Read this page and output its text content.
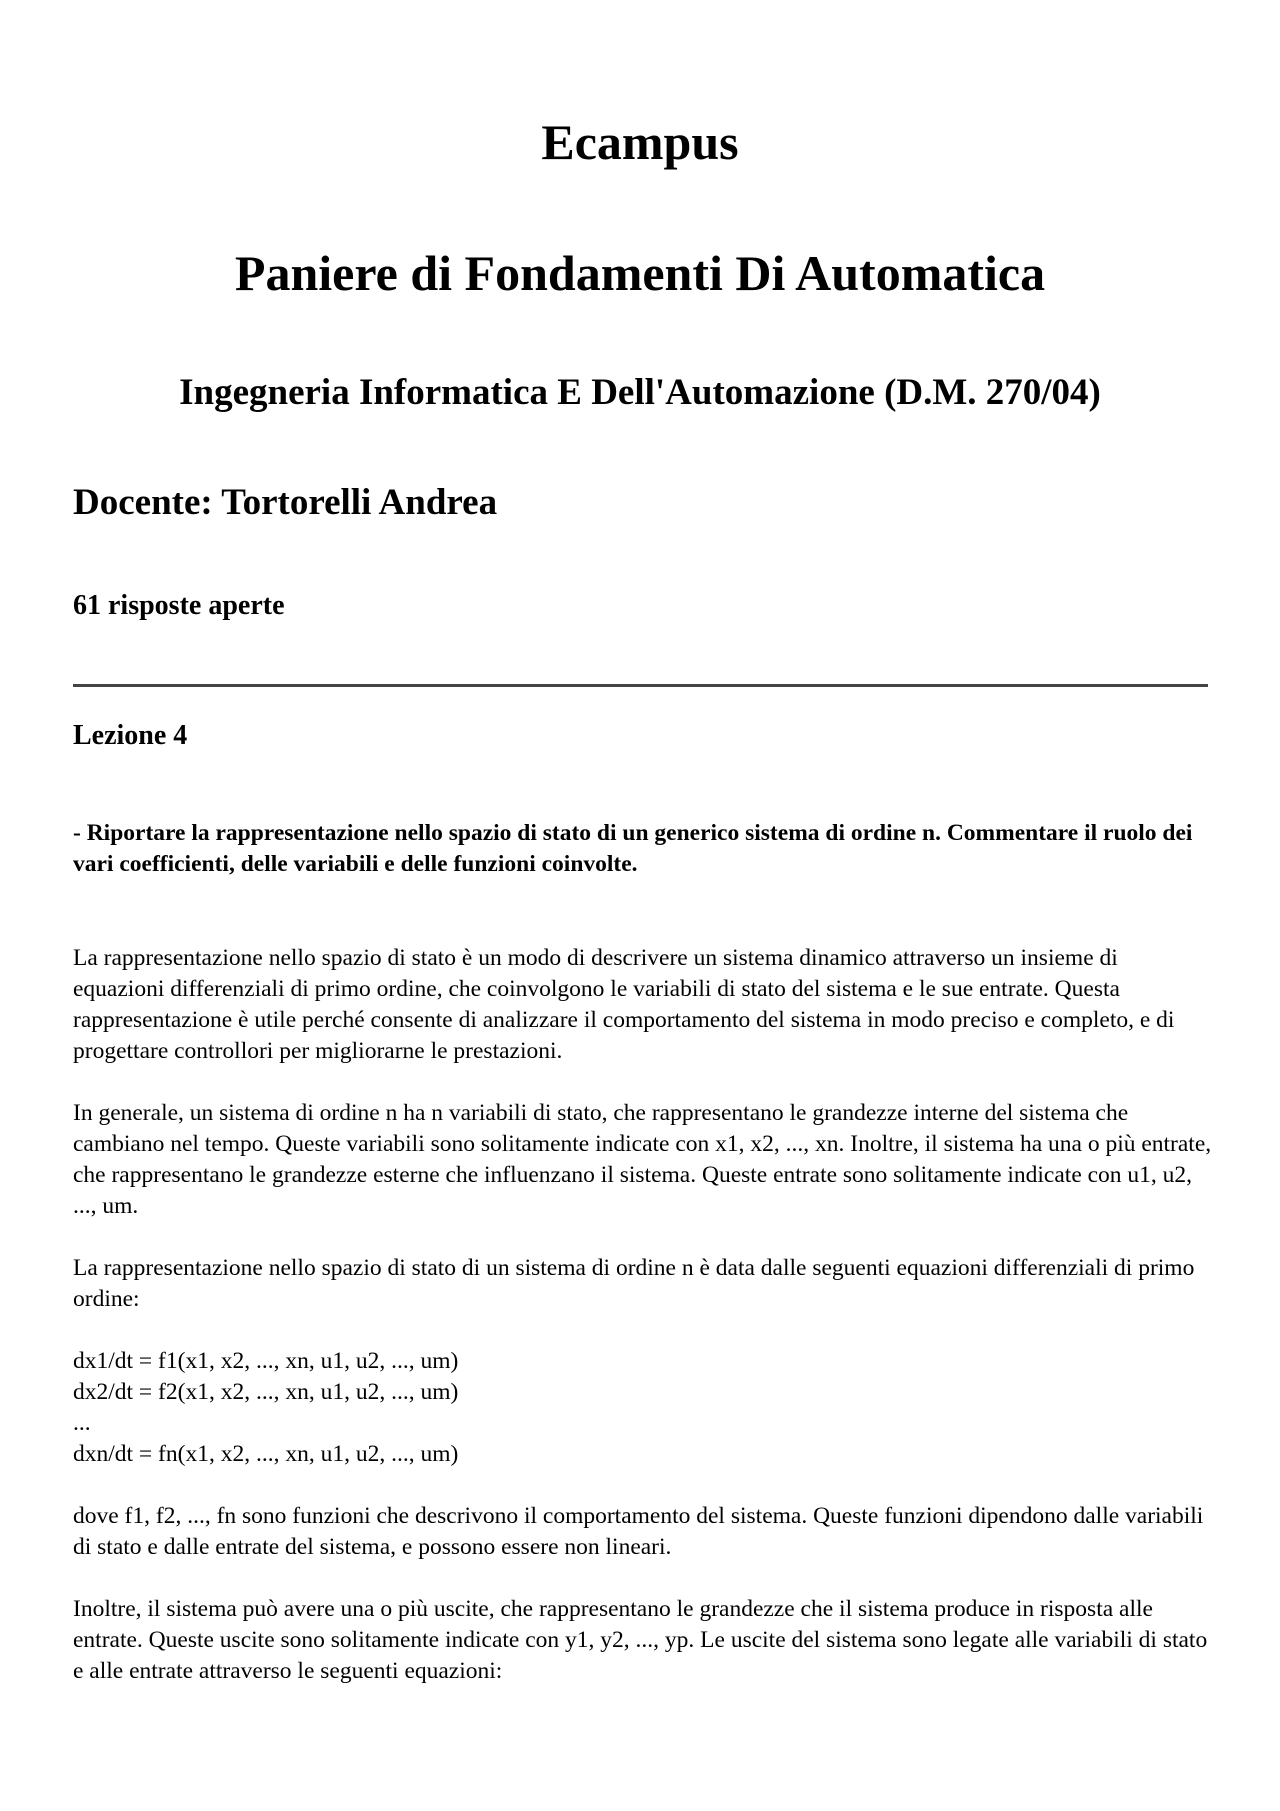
Ecampus
Paniere di Fondamenti Di Automatica
Ingegneria Informatica E Dell'Automazione (D.M. 270/04)
Docente: Tortorelli Andrea
61 risposte aperte
Lezione 4

- Riportare la rappresentazione nello spazio di stato di un generico sistema di ordine n. Commentare il ruolo dei vari coefficienti, delle variabili e delle funzioni coinvolte.

La rappresentazione nello spazio di stato è un modo di descrivere un sistema dinamico attraverso un insieme di equazioni differenziali di primo ordine, che coinvolgono le variabili di stato del sistema e le sue entrate. Questa rappresentazione è utile perché consente di analizzare il comportamento del sistema in modo preciso e completo, e di progettare controllori per migliorarne le prestazioni.

In generale, un sistema di ordine n ha n variabili di stato, che rappresentano le grandezze interne del sistema che cambiano nel tempo. Queste variabili sono solitamente indicate con x1, x2, ..., xn. Inoltre, il sistema ha una o più entrate, che rappresentano le grandezze esterne che influenzano il sistema. Queste entrate sono solitamente indicate con u1, u2, ..., um.

La rappresentazione nello spazio di stato di un sistema di ordine n è data dalle seguenti equazioni differenziali di primo ordine:

dx1/dt = f1(x1, x2, ..., xn, u1, u2, ..., um)

dx2/dt = f2(x1, x2, ..., xn, u1, u2, ..., um)

...

dxn/dt = fn(x1, x2, ..., xn, u1, u2, ..., um)

dove f1, f2, ..., fn sono funzioni che descrivono il comportamento del sistema. Queste funzioni dipendono dalle variabili di stato e dalle entrate del sistema, e possono essere non lineari.

Inoltre, il sistema può avere una o più uscite, che rappresentano le grandezze che il sistema produce in risposta alle entrate. Queste uscite sono solitamente indicate con y1, y2, ..., yp. Le uscite del sistema sono legate alle variabili di stato e alle entrate attraverso le seguenti equazioni:
